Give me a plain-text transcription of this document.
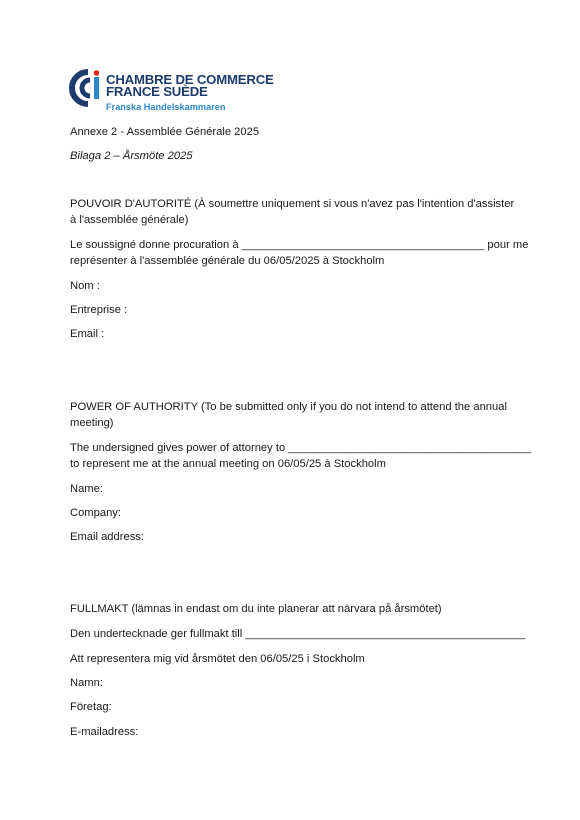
CHAMBRE DE COMMERCE
FRANCE SUÈDE
Franska Handelskammaren
Annexe 2 - Assemblée Générale 2025
Bilaga 2 – Årsmöte 2025
POUVOIR D'AUTORITÉ (À soumettre uniquement si vous n'avez pas l'intention d'assister
à l'assemblée générale)
Le soussigné donne procuration à _______________________________________ pour me
représenter à l'assemblée générale du 06/05/2025 à Stockholm
Nom :
Entreprise :
Email :
POWER OF AUTHORITY (To be submitted only if you do not intend to attend the annual
meeting)
The undersigned gives power of attorney to _______________________________________
to represent me at the annual meeting on 06/05/25 à Stockholm
Name:
Company:
Email address:
FULLMAKT (lämnas in endast om du inte planerar att närvara på årsmötet)
Den undertecknade ger fullmakt till _____________________________________________
Att representera mig vid årsmötet den 06/05/25 i Stockholm
Namn:
Företag:
E-mailadress:
